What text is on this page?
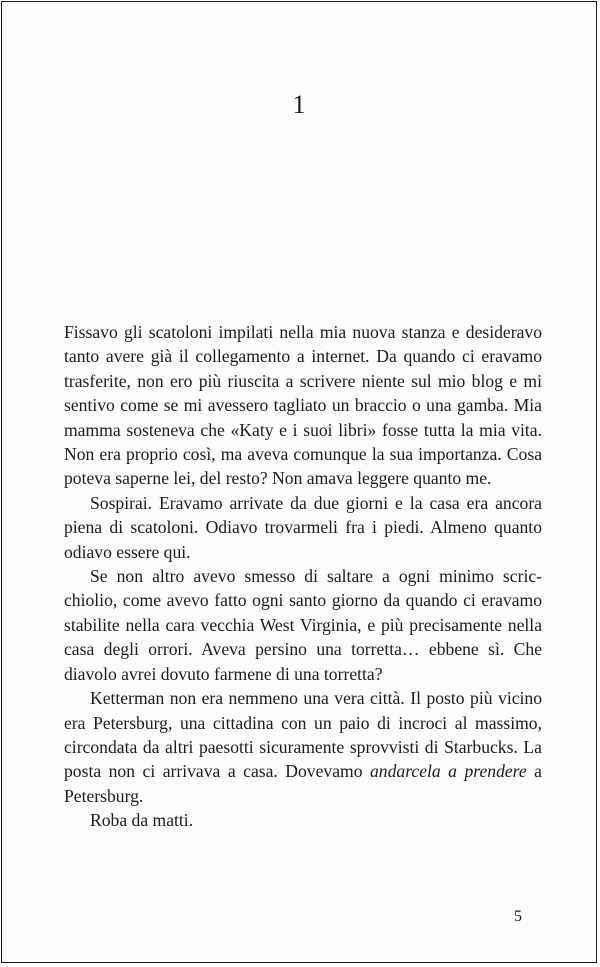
1

Fissavo gli scatoloni impilati nella mia nuova stanza e desideravo tanto avere già il collegamento a internet. Da quando ci eravamo trasferite, non ero più riuscita a scrivere niente sul mio blog e mi sentivo come se mi avessero tagliato un braccio o una gamba. Mia mamma sosteneva che «Katy e i suoi libri» fosse tutta la mia vita. Non era proprio così, ma aveva comunque la sua importanza. Cosa poteva saperne lei, del resto? Non amava leggere quanto me.

Sospirai. Eravamo arrivate da due giorni e la casa era ancora piena di scatoloni. Odiavo trovarmeli fra i piedi. Almeno quanto odiavo essere qui.

Se non altro avevo smesso di saltare a ogni minimo scricchiolio, come avevo fatto ogni santo giorno da quando ci eravamo stabilite nella cara vecchia West Virginia, e più precisamente nella casa degli orrori. Aveva persino una torretta… ebbene sì. Che diavolo avrei dovuto farmene di una torretta?

Ketterman non era nemmeno una vera città. Il posto più vicino era Petersburg, una cittadina con un paio di incroci al massimo, circondata da altri paesotti sicuramente sprovvisti di Starbucks. La posta non ci arrivava a casa. Dovevamo andarcela a prendere a Petersburg.

Roba da matti.

5
